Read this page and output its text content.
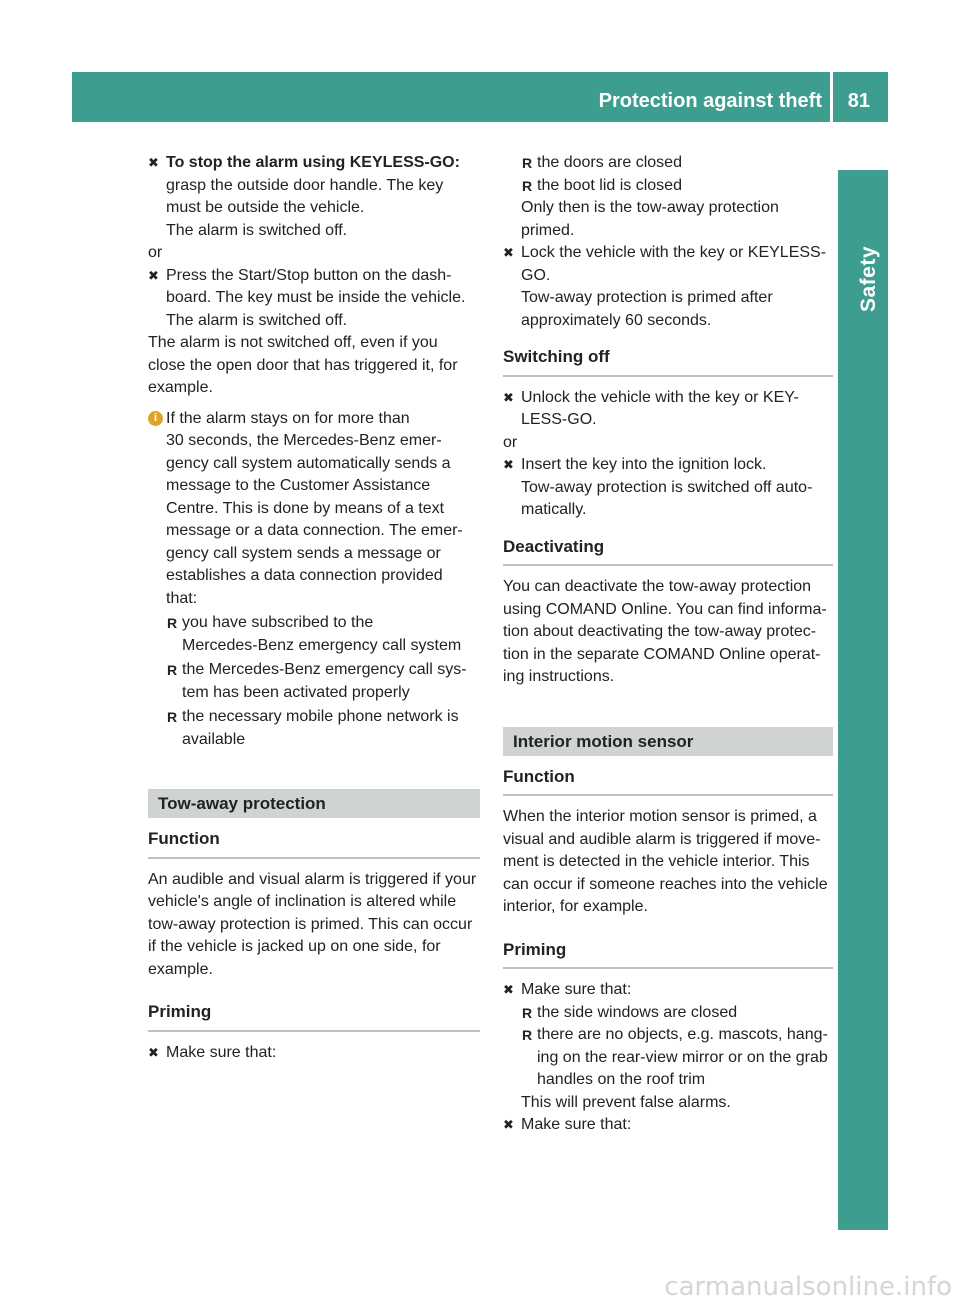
Protection against theft 81
Safety
✖ To stop the alarm using KEYLESS-GO:

grasp the outside door handle. The key

must be outside the vehicle.

The alarm is switched off.

or

✖ Press the Start/Stop button on the dash-

board. The key must be inside the vehicle.

The alarm is switched off.

The alarm is not switched off, even if you

close the open door that has triggered it, for

example.

i If the alarm stays on for more than

30 seconds, the Mercedes-Benz emer-

gency call system automatically sends a

message to the Customer Assistance

Centre. This is done by means of a text

message or a data connection. The emer-

gency call system sends a message or

establishes a data connection provided

that:

R you have subscribed to the

Mercedes-Benz emergency call system

R the Mercedes-Benz emergency call sys-

tem has been activated properly

R the necessary mobile phone network is

available

Tow-away protection
Function

An audible and visual alarm is triggered if your

vehicle's angle of inclination is altered while

tow-away protection is primed. This can occur

if the vehicle is jacked up on one side, for

example.

Priming
✖ Make sure that:

R the doors are closed

R the boot lid is closed

Only then is the tow-away protection

primed.

✖ Lock the vehicle with the key or KEYLESS-

GO.

Tow-away protection is primed after

approximately 60 seconds.

Switching off
✖ Unlock the vehicle with the key or KEY-

LESS-GO.

or

✖ Insert the key into the ignition lock.

Tow-away protection is switched off auto-

matically.

Deactivating

You can deactivate the tow-away protection

using COMAND Online. You can find informa-

tion about deactivating the tow-away protec-

tion in the separate COMAND Online operat-

ing instructions.

Interior motion sensor
Function

When the interior motion sensor is primed, a

visual and audible alarm is triggered if move-

ment is detected in the vehicle interior. This

can occur if someone reaches into the vehicle

interior, for example.

Priming
✖ Make sure that:

R the side windows are closed

R there are no objects, e.g. mascots, hang-

ing on the rear-view mirror or on the grab

handles on the roof trim

This will prevent false alarms.

✖ Make sure that:

carmanualsonline.info
